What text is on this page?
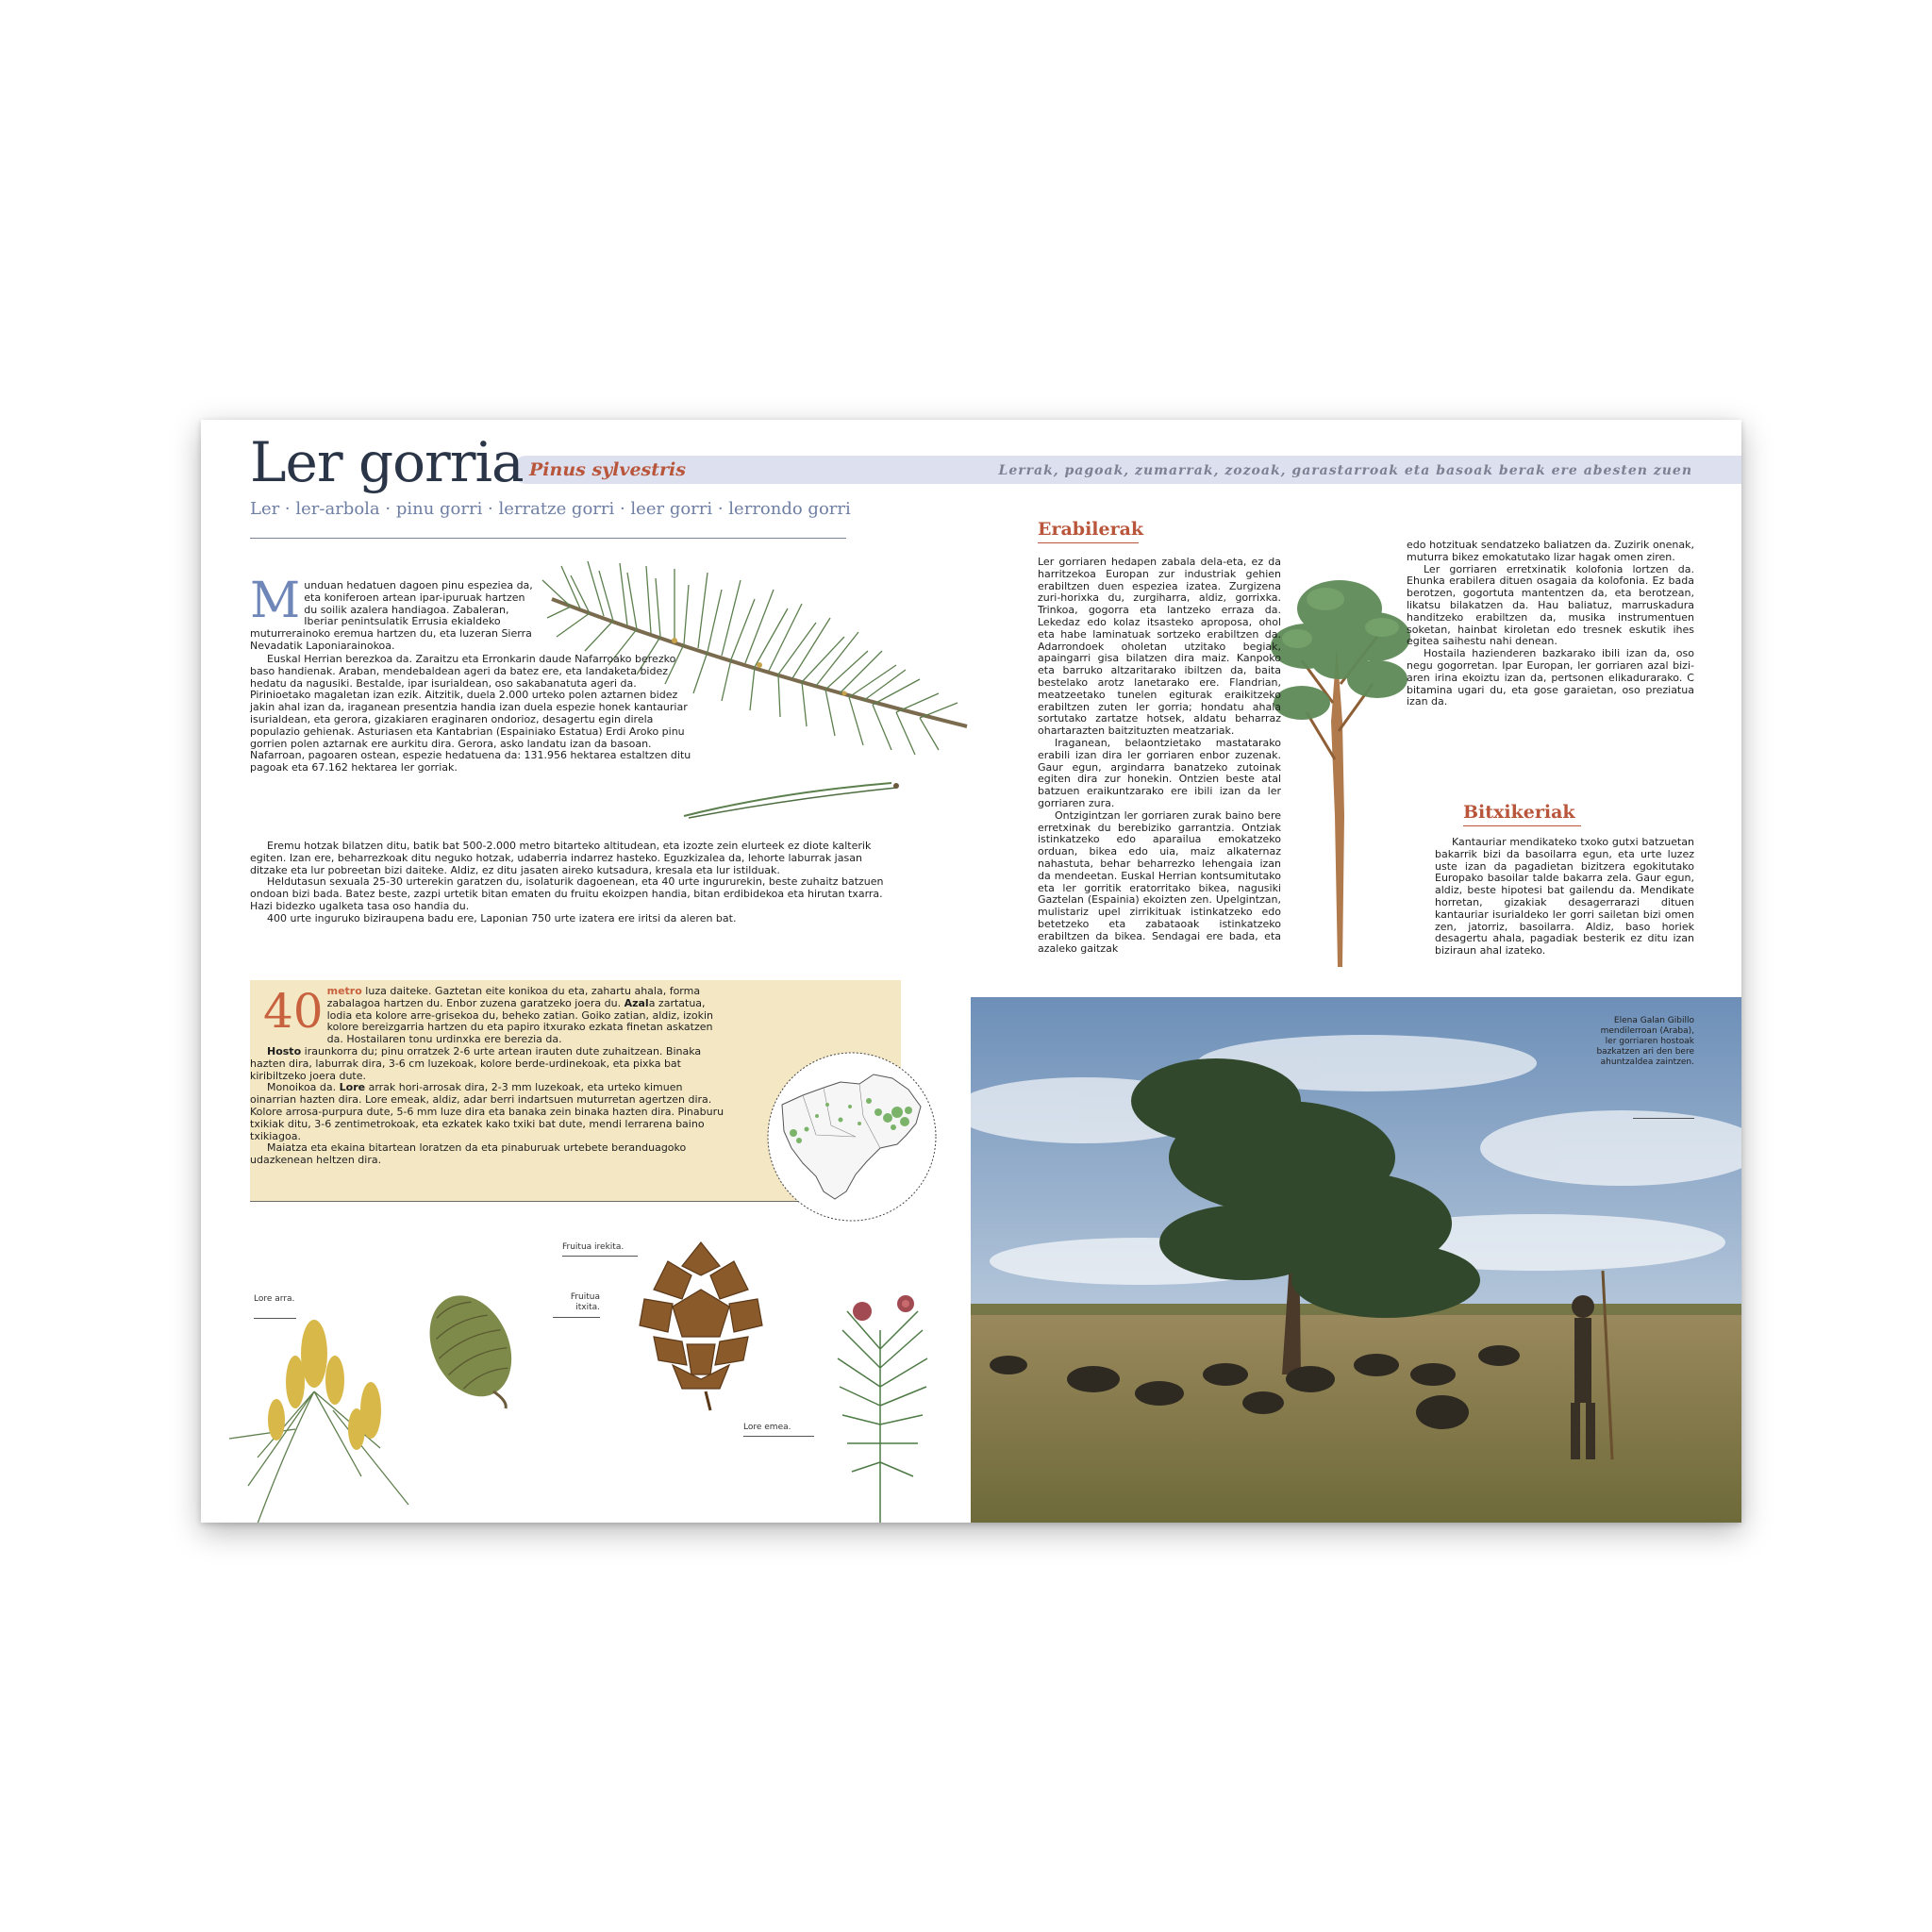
Ler gorria Pinus sylvestris	Lerrak, pagoak, zumarrak, zozoak, garastarroak eta basoak berak ere abesten zuen
Ler · ler-arbola · pinu gorri · lerratze gorri · leer gorri · lerrondo gorri
M unduan hedatuen dagoen pinu espeziea da, eta koniferoen artean ipar-ipuruak hartzen du soilik azalera handiagoa. Zabaleran, Iberiar penintsulatik Errusia ekialdeko muturrerainoko eremua hartzen du, eta luzeran Sierra Nevadatik Laponiarainokoa.

Euskal Herrian berezkoa da. Zaraitzu eta Erronkarin daude Nafarroako berezko baso handienak. Araban, mendebaldean ageri da batez ere, eta landaketa bidez hedatu da nagusiki. Bestalde, ipar isurialdean, oso sakabanatuta ageri da. Pirinioetako magaletan izan ezik. Aitzitik, duela 2.000 urteko polen aztarnen bidez jakin ahal izan da, iraganean presentzia handia izan duela espezie honek kantauriar isurialdean, eta gerora, gizakiaren eraginaren ondorioz, desagertu egin direla populazio gehienak. Asturiasen eta Kantabrian (Espainiako Estatua) Erdi Aroko pinu gorrien polen aztarnak ere aurkitu dira. Gerora, asko landatu izan da basoan. Nafarroan, pagoaren ostean, espezie hedatuena da: 131.956 hektarea estaltzen ditu pagoak eta 67.162 hektarea ler gorriak.

Eremu hotzak bilatzen ditu, batik bat 500-2.000 metro bitarteko altitudean, eta izozte zein elurteek ez diote kalterik egiten. Izan ere, beharrezkoak ditu neguko hotzak, udaberria indarrez hasteko. Eguzkizalea da, lehorte laburrak jasan ditzake eta lur pobreetan bizi daiteke. Aldiz, ez ditu jasaten aireko kutsadura, kresala eta lur istilduak.

Heldutasun sexuala 25-30 urterekin garatzen du, isolaturik dagoenean, eta 40 urte ingururekin, beste zuhaitz batzuen ondoan bizi bada. Batez beste, zazpi urtetik bitan ematen du fruitu ekoizpen handia, bitan erdibidekoa eta hirutan txarra. Hazi bidezko ugalketa tasa oso handia du.

400 urte inguruko biziraupena badu ere, Laponian 750 urte izatera ere iritsi da aleren bat.

40 metro luza daiteke. Gaztetan eite konikoa du eta, zahartu ahala, forma zabalagoa hartzen du. Enbor zuzena garatzeko joera du. Azala zartatua, lodia eta kolore arre-grisekoa du, beheko zatian. Goiko zatian, aldiz, izokin kolore bereizgarria hartzen du eta papiro itxurako ezkata finetan askatzen da. Hostailaren tonu urdinxka ere berezia da.

Hosto iraunkorra du; pinu orratzek 2-6 urte artean irauten dute zuhaitzean. Binaka hazten dira, laburrak dira, 3-6 cm luzekoak, kolore berde-urdinekoak, eta pixka bat kiribiltzeko joera dute.

Monoikoa da. Lore arrak hori-arrosak dira, 2-3 mm luzekoak, eta urteko kimuen oinarrian hazten dira. Lore emeak, aldiz, adar berri indartsuen muturretan agertzen dira. Kolore arrosa-purpura dute, 5-6 mm luze dira eta banaka zein binaka hazten dira. Pinaburu txikiak ditu, 3-6 zentimetrokoak, eta ezkatek kako txiki bat dute, mendi lerrarena baino txikiagoa.

Maiatza eta ekaina bitartean loratzen da eta pinaburuak urtebete beranduagoko udazkenean heltzen dira.

Lore arra.	Fruitua itxita.
Fruitua irekita.
Lore emea.
Erabilerak

Ler gorriaren hedapen zabala dela-eta, ez da harritzekoa Europan zur industriak gehien erabiltzen duen espeziea izatea. Zurgizena zuri-horixka du, zurgiharra, aldiz, gorrixka. Trinkoa, gogorra eta lantzeko erraza da. Lekedaz edo kolaz itsasteko aproposa, ohol eta habe laminatuak sortzeko erabiltzen da. Adarrondoek oholetan utzitako begiak, apaingarri gisa bilatzen dira maiz. Kanpoko eta barruko altzaritarako ibiltzen da, baita bestelako arotz lanetarako ere. Flandrian, meatzeetako tunelen egiturak eraikitzeko erabiltzen zuten ler gorria; hondatu ahala sortutako zartatze hotsek, aldatu beharraz ohartarazten baitzituzten meatzariak.

Iraganean, belaontzietako mastatarako erabili izan dira ler gorriaren enbor zuzenak. Gaur egun, argindarra banatzeko zutoinak egiten dira zur honekin. Ontzien beste atal batzuen eraikuntzarako ere ibili izan da ler gorriaren zura.

Ontzigintzan ler gorriaren zurak baino bere erretxinak du berebiziko garrantzia. Ontziak istinkatzeko edo aparailua emokatzeko orduan, bikea edo uia, maiz alkaternaz nahastuta, behar beharrezko lehengaia izan da mendeetan. Euskal Herrian kontsumitutako eta ler gorritik eratorritako bikea, nagusiki Gaztelan (Espainia) ekoizten zen. Upelgintzan, mulistariz upel zirrikituak istinkatzeko edo betetzeko eta zabataoak istinkatzeko erabiltzen da bikea. Sendagai ere bada, eta azaleko gaitzak

edo hotzituak sendatzeko baliatzen da. Zuzirik onenak, muturra bikez emokatutako lizar hagak omen ziren.

Ler gorriaren erretxinatik kolofonia lortzen da. Ehunka erabilera dituen osagaia da kolofonia. Ez bada berotzen, gogortuta mantentzen da, eta berotzean, likatsu bilakatzen da. Hau baliatuz, marruskadura handitzeko erabiltzen da, musika instrumentuen soketan, hainbat kiroletan edo tresnek eskutik ihes egitea saihestu nahi denean.

Hostaila hazienderen bazkarako ibili izan da, oso negu gogorretan. Ipar Europan, ler gorriaren azal biziaren irina ekoiztu izan da, pertsonen elikadurarako. C bitamina ugari du, eta gose garaietan, oso preziatua izan da.

Bitxikeriak

Kantauriar mendikateko txoko gutxi batzuetan bakarrik bizi da basoilarra egun, eta urte luzez uste izan da pagadietan bizitzera egokitutako Europako basoilar talde bakarra zela. Gaur egun, aldiz, beste hipotesi bat gailendu da. Mendikate horretan, gizakiak desagerrarazi dituen kantauriar isurialdeko ler gorri sailetan bizi omen zen, jatorriz, basoilarra. Aldiz, baso horiek desagertu ahala, pagadiak besterik ez ditu izan biziraun ahal izateko.

Elena Galan Gibillo mendilerroan (Araba), ler gorriaren hostoak bazkatzen ari den bere ahuntzaldea zaintzen.
